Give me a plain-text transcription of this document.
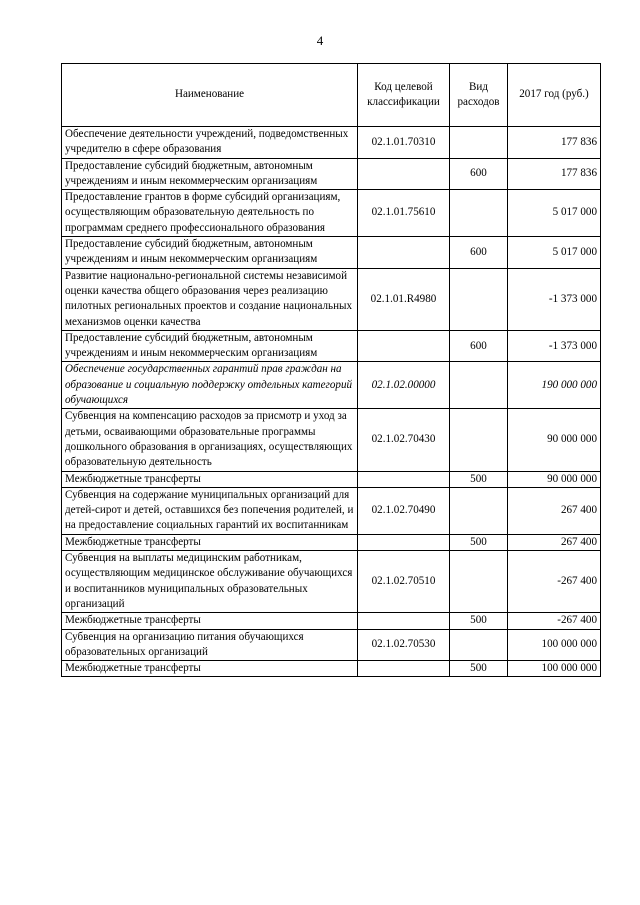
4
Наименование	Код целевой классификации	Вид расходов	2017 год (руб.)
Обеспечение деятельности учреждений, подведомственных учредителю в сфере образования	02.1.01.70310		177 836
Предоставление субсидий бюджетным, автономным учреждениям и иным некоммерческим организациям		600	177 836
Предоставление грантов в форме субсидий организациям, осуществляющим образовательную деятельность по программам среднего профессионального образования	02.1.01.75610		5 017 000
Предоставление субсидий бюджетным, автономным учреждениям и иным некоммерческим организациям		600	5 017 000
Развитие национально-региональной системы независимой оценки качества общего образования через реализацию пилотных региональных проектов и создание национальных механизмов оценки качества	02.1.01.R4980		-1 373 000
Предоставление субсидий бюджетным, автономным учреждениям и иным некоммерческим организациям		600	-1 373 000
Обеспечение государственных гарантий прав граждан на образование и социальную поддержку отдельных категорий обучающихся	02.1.02.00000		190 000 000
Субвенция на компенсацию расходов за присмотр и уход за детьми, осваивающими образовательные программы дошкольного образования в организациях, осуществляющих образовательную деятельность	02.1.02.70430		90 000 000
Межбюджетные трансферты		500	90 000 000
Субвенция на содержание муниципальных организаций для детей-сирот и детей, оставшихся без попечения родителей, и на предоставление социальных гарантий их воспитанникам	02.1.02.70490		267 400
Межбюджетные трансферты		500	267 400
Субвенция на выплаты медицинским работникам, осуществляющим медицинское обслуживание обучающихся и воспитанников муниципальных образовательных организаций	02.1.02.70510		-267 400
Межбюджетные трансферты		500	-267 400
Субвенция на организацию питания обучающихся образовательных организаций	02.1.02.70530		100 000 000
Межбюджетные трансферты		500	100 000 000
